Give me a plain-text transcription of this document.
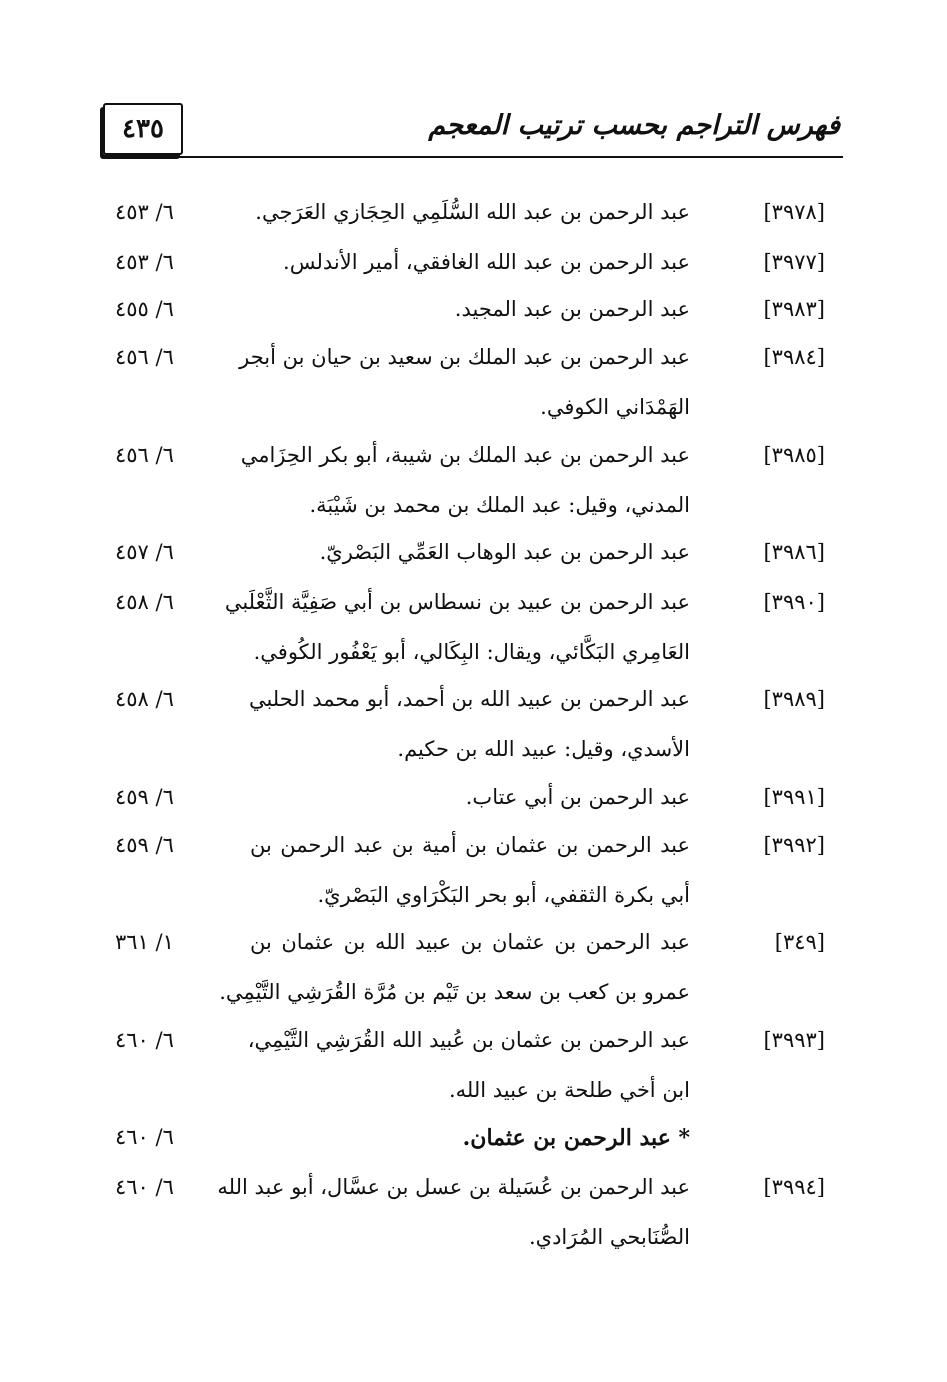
٤٣٥	فهرس التراجم بحسب ترتيب المعجم
[٣٩٧٨]
عبد الرحمن بن عبد الله السُّلَمِي الحِجَازي العَرَجي.
٦/ ٤٥٣
[٣٩٧٧]
عبد الرحمن بن عبد الله الغافقي، أمير الأندلس.
٦/ ٤٥٣
[٣٩٨٣]
عبد الرحمن بن عبد المجيد.
٦/ ٤٥٥
[٣٩٨٤]
عبد الرحمن بن عبد الملك بن سعيد بن حيان بن أبجر
الهَمْدَاني الكوفي.
٦/ ٤٥٦
[٣٩٨٥]
عبد الرحمن بن عبد الملك بن شيبة، أبو بكر الحِزَامي
المدني، وقيل: عبد الملك بن محمد بن شَيْبَة.
٦/ ٤٥٦
[٣٩٨٦]
عبد الرحمن بن عبد الوهاب العَمِّي البَصْريّ.
٦/ ٤٥٧
[٣٩٩٠]
عبد الرحمن بن عبيد بن نسطاس بن أبي صَفِيَّة الثَّعْلَبي
العَامِري البَكَّائي، ويقال: البِكَالي، أبو يَعْفُور الكُوفي.
٦/ ٤٥٨
[٣٩٨٩]
عبد الرحمن بن عبيد الله بن أحمد، أبو محمد الحلبي
الأسدي، وقيل: عبيد الله بن حكيم.
٦/ ٤٥٨
[٣٩٩١]
عبد الرحمن بن أبي عتاب.
٦/ ٤٥٩
[٣٩٩٢]
عبد الرحمن بن عثمان بن أمية بن عبد الرحمن بن
أبي بكرة الثقفي، أبو بحر البَكْرَاوي البَصْريّ.
٦/ ٤٥٩
[٣٤٩]
عبد الرحمن بن عثمان بن عبيد الله بن عثمان بن
عمرو بن كعب بن سعد بن تَيْم بن مُرَّة القُرَشِي التَّيْمِي.
١/ ٣٦١
[٣٩٩٣]
عبد الرحمن بن عثمان بن عُبيد الله القُرَشِي التَّيْمِي،
ابن أخي طلحة بن عبيد الله.
٦/ ٤٦٠
* عبد الرحمن بن عثمان.
٦/ ٤٦٠
[٣٩٩٤]
عبد الرحمن بن عُسَيلة بن عسل بن عسَّال، أبو عبد الله
الصُّنَابحي المُرَادي.
٦/ ٤٦٠
